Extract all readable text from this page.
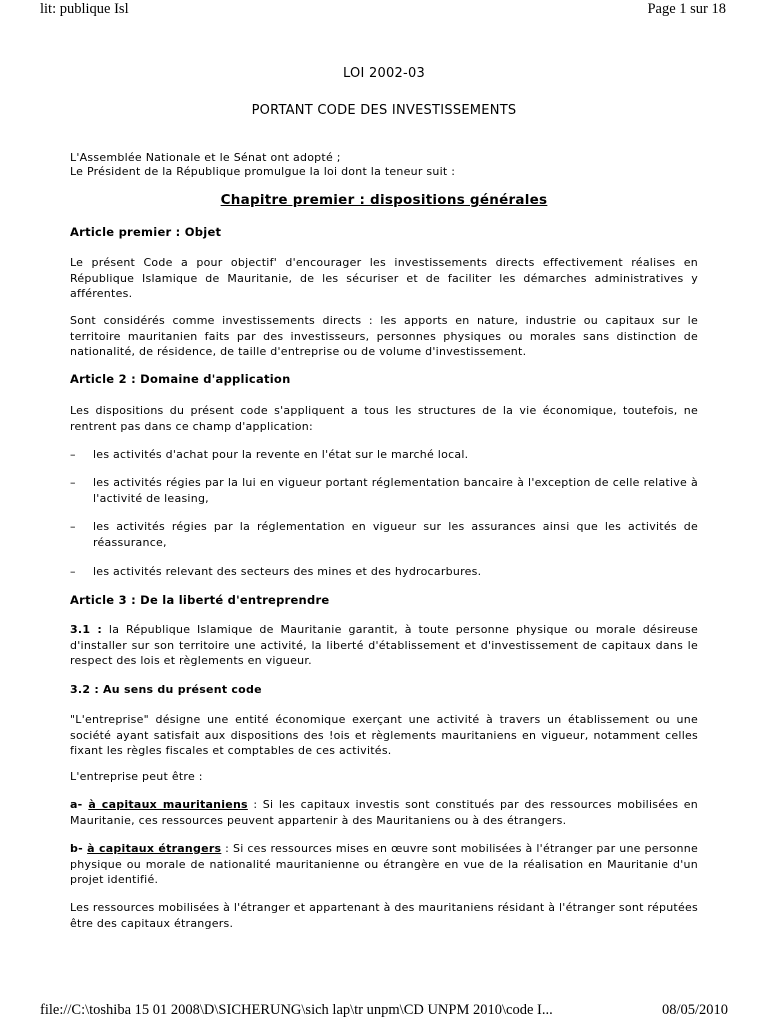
lit: publique Isl	Page 1 sur 18
LOI 2002-03
PORTANT CODE DES INVESTISSEMENTS
L'Assemblée Nationale et le Sénat ont adopté ;
Le Président de la République promulgue la loi dont la teneur suit :
Chapitre premier : dispositions générales
Article premier : Objet
Le présent Code a pour objectif' d'encourager les investissements directs effectivement réalises en République Islamique de Mauritanie, de les sécuriser et de faciliter les démarches administratives y afférentes.
Sont considérés comme investissements directs : les apports en nature, industrie ou capitaux sur le territoire mauritanien faits par des investisseurs, personnes physiques ou morales sans distinction de nationalité, de résidence, de taille d'entreprise ou de volume d'investissement.
Article 2 : Domaine d'application
Les dispositions du présent code s'appliquent a tous les structures de la vie économique, toutefois, ne rentrent pas dans ce champ d'application:
– les activités d'achat pour la revente en l'état sur le marché local.
– les activités régies par la lui en vigueur portant réglementation bancaire à l'exception de celle relative à l'activité de leasing,
– les activités régies par la réglementation en vigueur sur les assurances ainsi que les activités de réassurance,
– les activités relevant des secteurs des mines et des hydrocarbures.
Article 3 : De la liberté d'entreprendre
3.1 : la République Islamique de Mauritanie garantit, à toute personne physique ou morale désireuse d'installer sur son territoire une activité, la liberté d'établissement et d'investissement de capitaux dans le respect des lois et règlements en vigueur.
3.2 : Au sens du présent code
"L'entreprise" désigne une entité économique exerçant une activité à travers un établissement ou une société ayant satisfait aux dispositions des !ois et règlements mauritaniens en vigueur, notamment celles fixant les règles fiscales et comptables de ces activités.
L'entreprise peut être :
a- à capitaux mauritaniens : Si les capitaux investis sont constitués par des ressources mobilisées en Mauritanie, ces ressources peuvent appartenir à des Mauritaniens ou à des étrangers.
b- à capitaux étrangers : Si ces ressources mises en œuvre sont mobilisées à l'étranger par une personne physique ou morale de nationalité mauritanienne ou étrangère en vue de la réalisation en Mauritanie d'un projet identifié.
Les ressources mobilisées à l'étranger et appartenant à des mauritaniens résidant à l'étranger sont réputées être des capitaux étrangers.
file://C:\toshiba 15 01 2008\D\SICHERUNG\sich lap\tr unpm\CD UNPM 2010\code I...	08/05/2010
